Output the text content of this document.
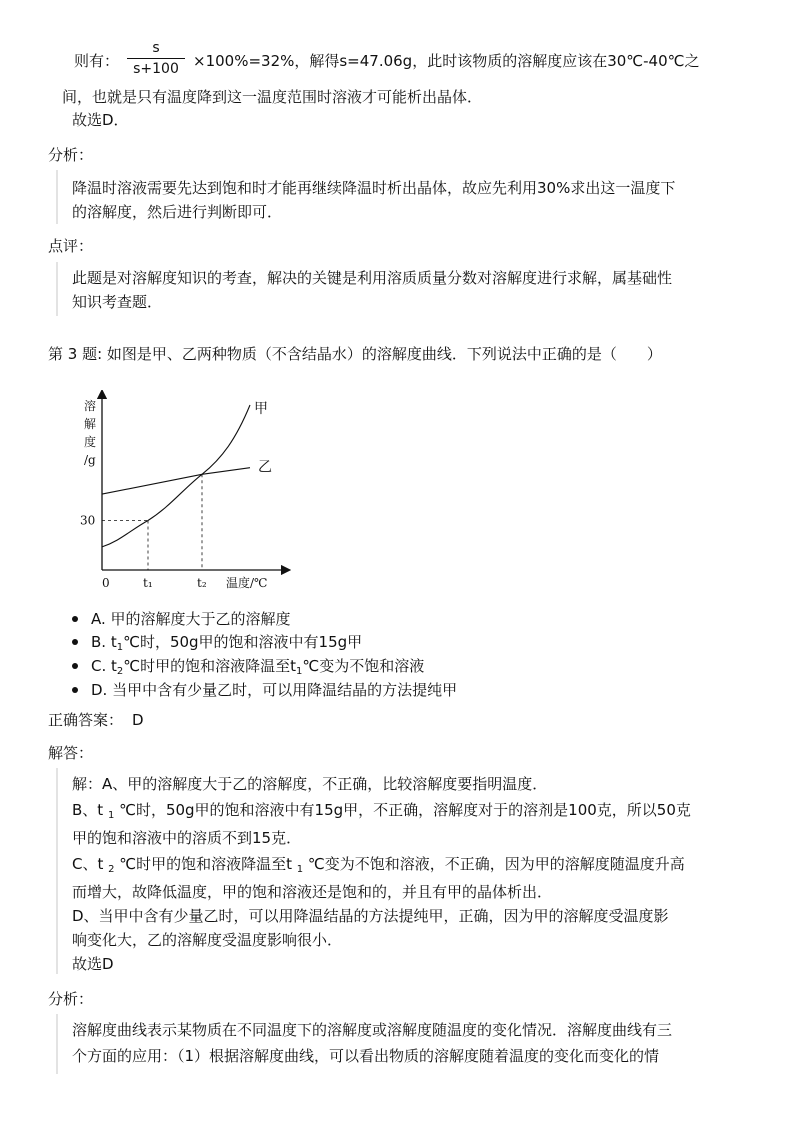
则有： $\frac{s}{s+100} \times 100\%=32\%$，解得s=47.06g，此时该物质的溶解度应该在30℃-40℃之
间，也就是只有温度降到这一温度范围时溶液才可能析出晶体．
故选D．
分析：
降温时溶液需要先达到饱和时才能再继续降温时析出晶体，故应先利用30%求出这一温度下
的溶解度，然后进行判断即可．
点评：
此题是对溶解度知识的考查，解决的关键是利用溶质质量分数对溶解度进行求解，属基础性
知识考查题．
第 3 题: 如图是甲、乙两种物质（不含结晶水）的溶解度曲线．下列说法中正确的是（　　）
溶
解
度
/g
0	温度/℃
30
t₁	t₂
甲
乙
A. 甲的溶解度大于乙的溶解度
B. $t_1℃$时，50g甲的饱和溶液中有15g甲
C. $t_2℃$时甲的饱和溶液降温至$t_1℃$变为不饱和溶液
D. 当甲中含有少量乙时，可以用降温结晶的方法提纯甲
正确答案： D
解答：
解：A、甲的溶解度大于乙的溶解度，不正确，比较溶解度要指明温度．
B、t $_1$ ℃时，50g甲的饱和溶液中有15g甲，不正确，溶解度对于的溶剂是100克，所以50克
甲的饱和溶液中的溶质不到15克．
C、t $_2$ ℃时甲的饱和溶液降温至t $_1$ ℃变为不饱和溶液，不正确，因为甲的溶解度随温度升高
而增大，故降低温度，甲的饱和溶液还是饱和的，并且有甲的晶体析出．
D、当甲中含有少量乙时，可以用降温结晶的方法提纯甲，正确，因为甲的溶解度受温度影
响变化大，乙的溶解度受温度影响很小．
故选D
分析：
溶解度曲线表示某物质在不同温度下的溶解度或溶解度随温度的变化情况．溶解度曲线有三
个方面的应用：（1）根据溶解度曲线，可以看出物质的溶解度随着温度的变化而变化的情
